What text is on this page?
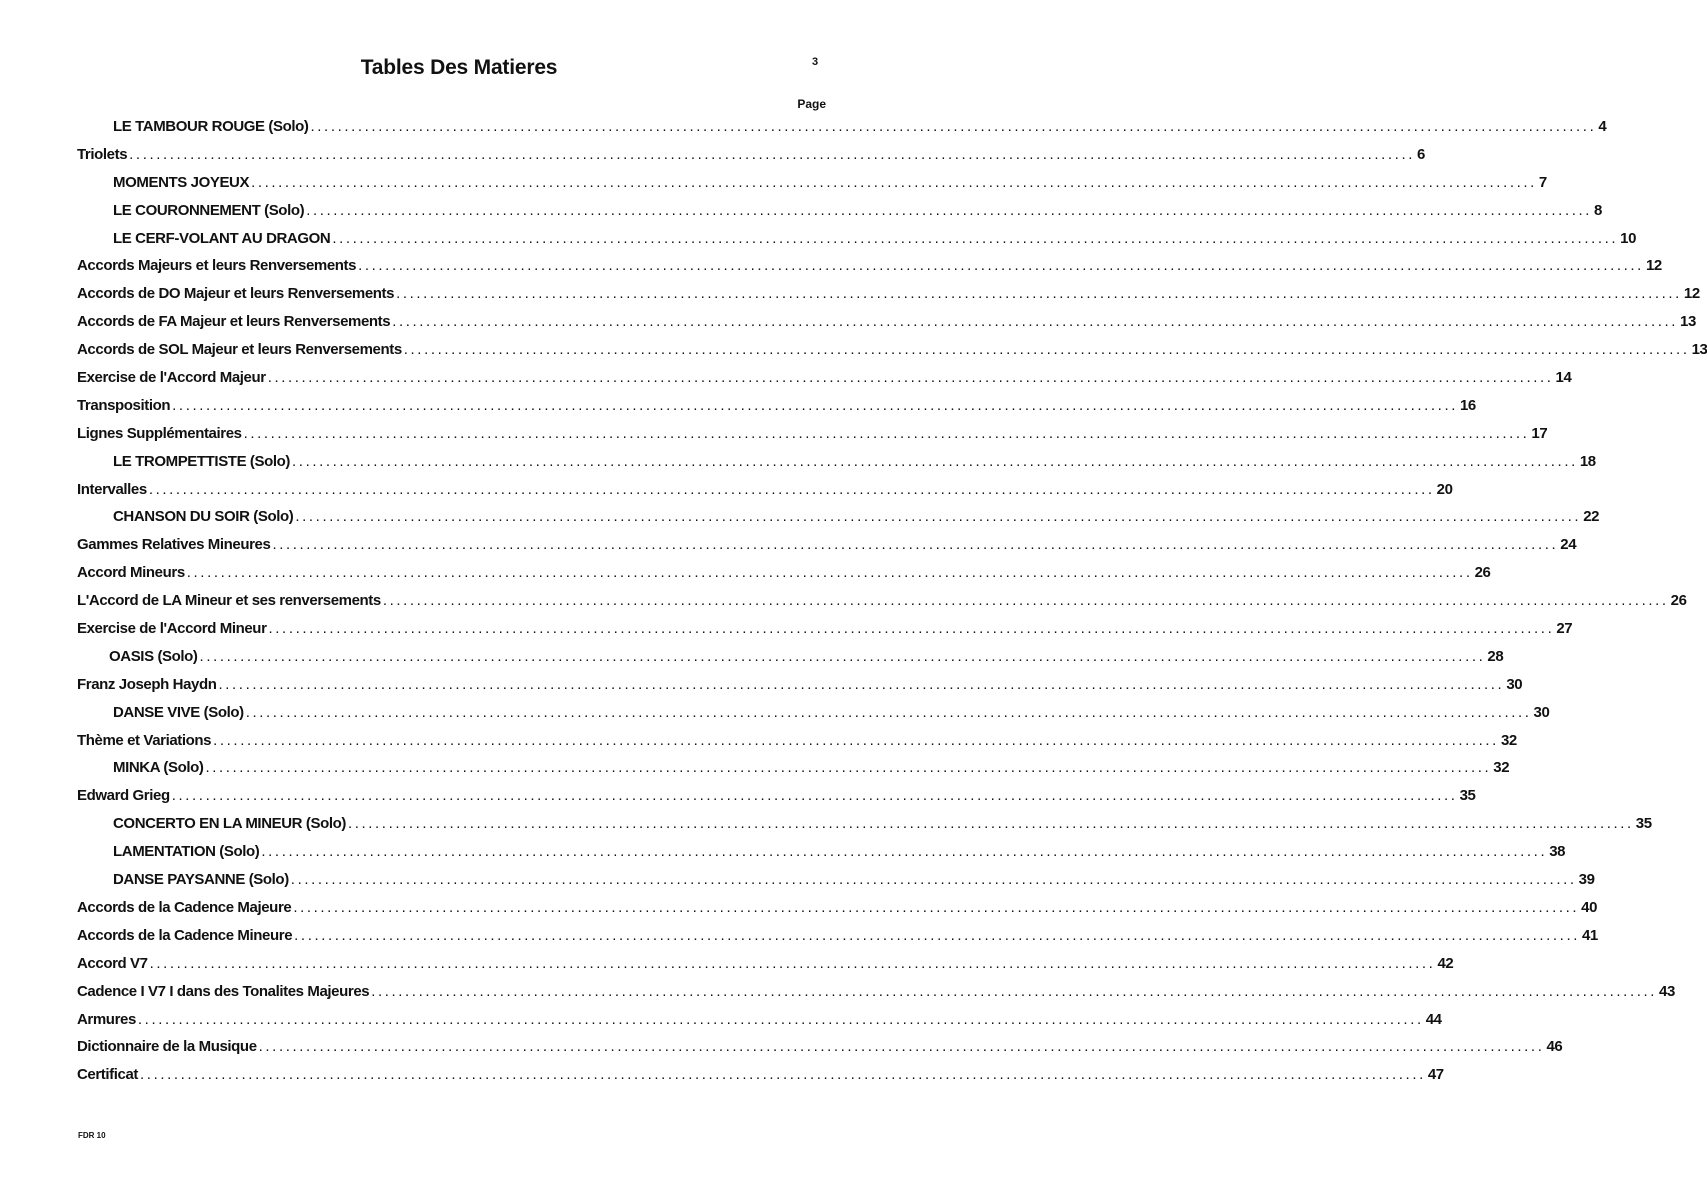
Tables Des Matieres	3
Page
LE TAMBOUR ROUGE (Solo) .............................................................................................................................................................................................. 4
Triolets .............................................................................................................................................................................................. 6
MOMENTS JOYEUX .............................................................................................................................................................................................. 7
LE COURONNEMENT (Solo) .............................................................................................................................................................................................. 8
LE CERF-VOLANT AU DRAGON .............................................................................................................................................................................................. 10
Accords Majeurs et leurs Renversements .............................................................................................................................................................................................. 12
Accords de DO Majeur et leurs Renversements .............................................................................................................................................................................................. 12
Accords de FA Majeur et leurs Renversements .............................................................................................................................................................................................. 13
Accords de SOL Majeur et leurs Renversements .............................................................................................................................................................................................. 13
Exercise de l'Accord Majeur .............................................................................................................................................................................................. 14
Transposition .............................................................................................................................................................................................. 16
Lignes Supplémentaires .............................................................................................................................................................................................. 17
LE TROMPETTISTE (Solo) .............................................................................................................................................................................................. 18
Intervalles .............................................................................................................................................................................................. 20
CHANSON DU SOIR (Solo) .............................................................................................................................................................................................. 22
Gammes Relatives Mineures .............................................................................................................................................................................................. 24
Accord Mineurs .............................................................................................................................................................................................. 26
L'Accord de LA Mineur et ses renversements .............................................................................................................................................................................................. 26
Exercise de l'Accord Mineur .............................................................................................................................................................................................. 27
OASIS (Solo) .............................................................................................................................................................................................. 28
Franz Joseph Haydn .............................................................................................................................................................................................. 30
DANSE VIVE (Solo) .............................................................................................................................................................................................. 30
Thème et Variations .............................................................................................................................................................................................. 32
MINKA (Solo) .............................................................................................................................................................................................. 32
Edward Grieg .............................................................................................................................................................................................. 35
CONCERTO EN LA MINEUR (Solo) .............................................................................................................................................................................................. 35
LAMENTATION (Solo) .............................................................................................................................................................................................. 38
DANSE PAYSANNE (Solo) .............................................................................................................................................................................................. 39
Accords de la Cadence Majeure .............................................................................................................................................................................................. 40
Accords de la Cadence Mineure .............................................................................................................................................................................................. 41
Accord V7 .............................................................................................................................................................................................. 42
Cadence I V7 I dans des Tonalites Majeures .............................................................................................................................................................................................. 43
Armures .............................................................................................................................................................................................. 44
Dictionnaire de la Musique .............................................................................................................................................................................................. 46
Certificat .............................................................................................................................................................................................. 47
FDR 10
